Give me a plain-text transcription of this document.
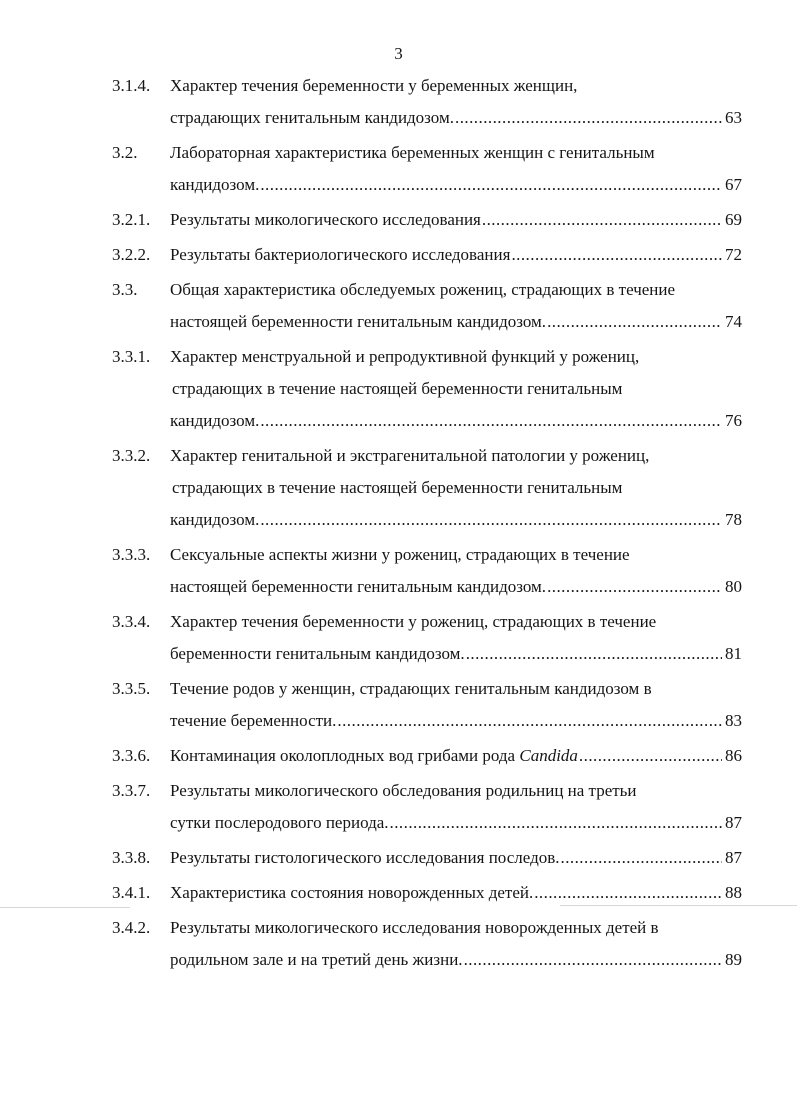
3
3.1.4.	Характер течения беременности у беременных женщин,
страдающих генитальным кандидозом. . . .	63
3.2.	Лабораторная характеристика беременных женщин с генитальным
кандидозом. . . .	67
3.2.1.	Результаты микологического исследования . . .	69
3.2.2.	Результаты бактериологического исследования . . .	72
3.3.	Общая характеристика обследуемых рожениц, страдающих в течение
настоящей беременности генитальным кандидозом. . . .	74
3.3.1.	Характер менструальной и репродуктивной функций у рожениц,
страдающих в течение настоящей беременности генитальным
кандидозом. . . .	76
3.3.2.	Характер генитальной и экстрагенитальной патологии у рожениц,
страдающих в течение настоящей беременности генитальным
кандидозом. . . .	78
3.3.3.	Сексуальные аспекты жизни у рожениц, страдающих в течение
настоящей беременности генитальным кандидозом. . . .	80
3.3.4.	Характер течения беременности у рожениц, страдающих в течение
беременности генитальным кандидозом. . . .	81
3.3.5.	Течение родов у женщин, страдающих генитальным кандидозом в
течение беременности. . . .	83
3.3.6.	Контаминация околоплодных вод грибами рода Candida . . .	86
3.3.7.	Результаты микологического обследования родильниц на третьи
сутки послеродового периода. . . .	87
3.3.8.	Результаты гистологического исследования последов. . . .	87
3.4.1.	Характеристика состояния новорожденных детей. . . .	88
3.4.2.	Результаты микологического исследования новорожденных детей в
родильном зале и на третий день жизни. . . .	89
